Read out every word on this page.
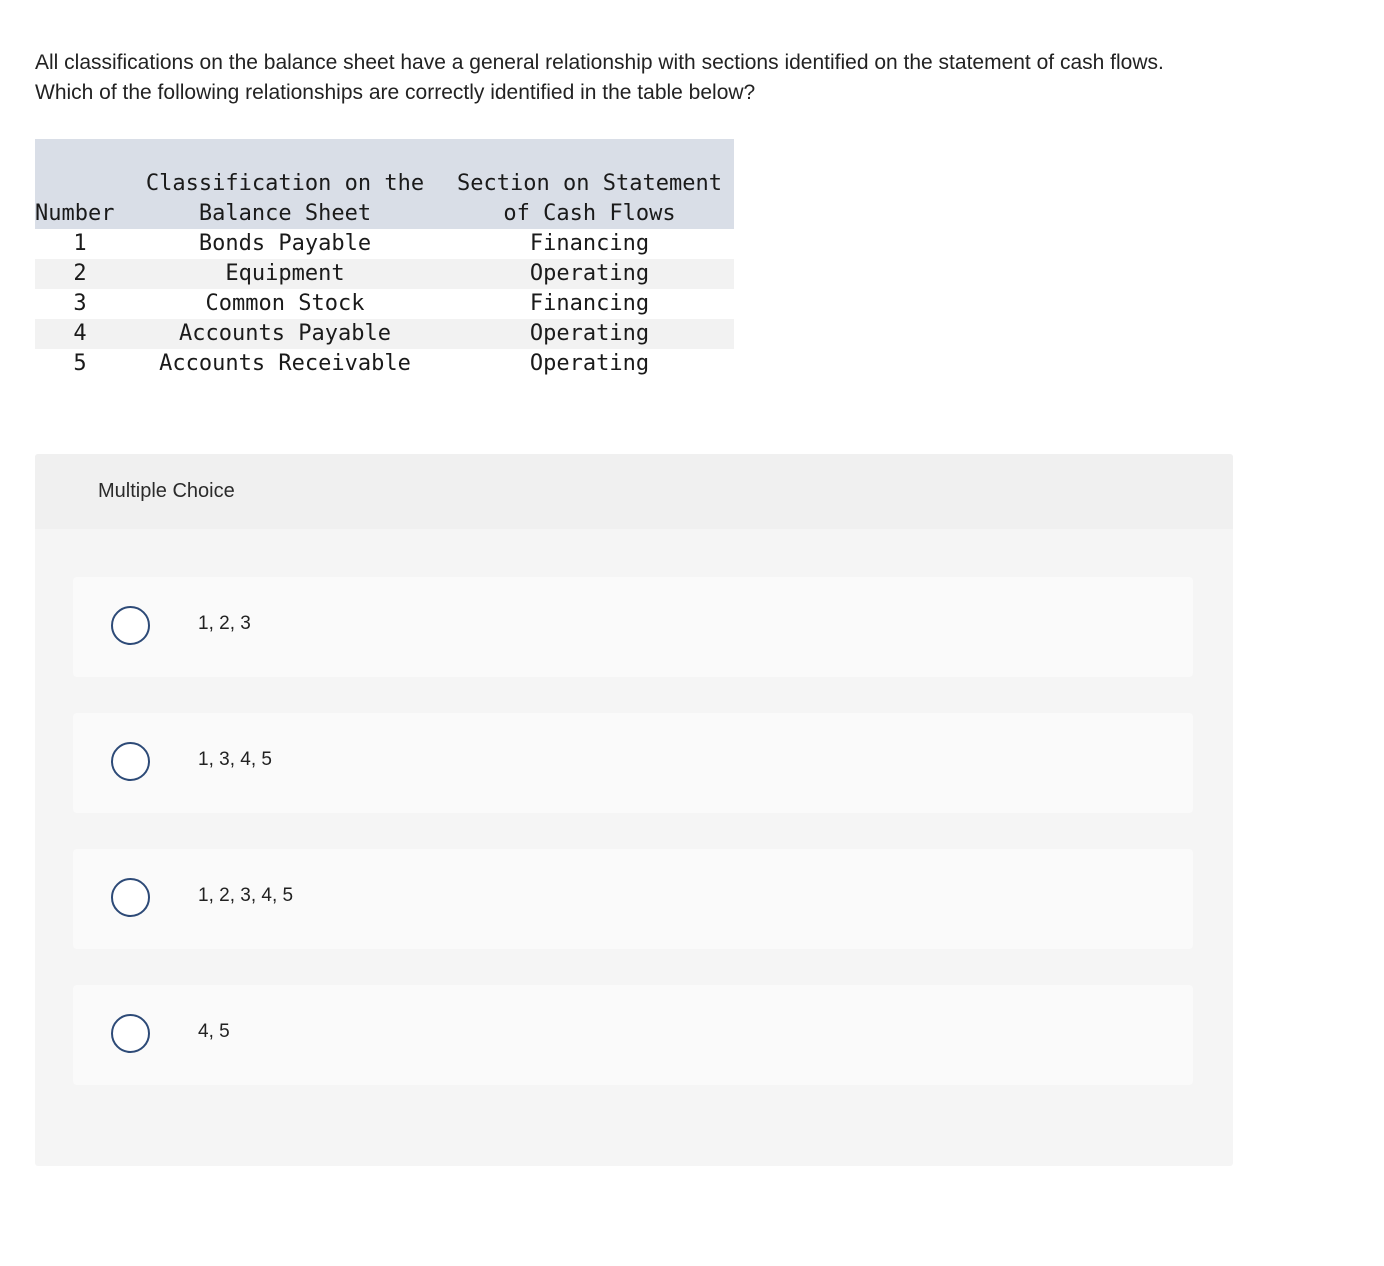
All classifications on the balance sheet have a general relationship with sections identified on the statement of cash flows. Which of the following relationships are correctly identified in the table below?
Number	Classification on the Balance Sheet	Section on Statement of Cash Flows
1	Bonds Payable	Financing
2	Equipment	Operating
3	Common Stock	Financing
4	Accounts Payable	Operating
5	Accounts Receivable	Operating
Multiple Choice
1, 2, 3
1, 3, 4, 5
1, 2, 3, 4, 5
4, 5
